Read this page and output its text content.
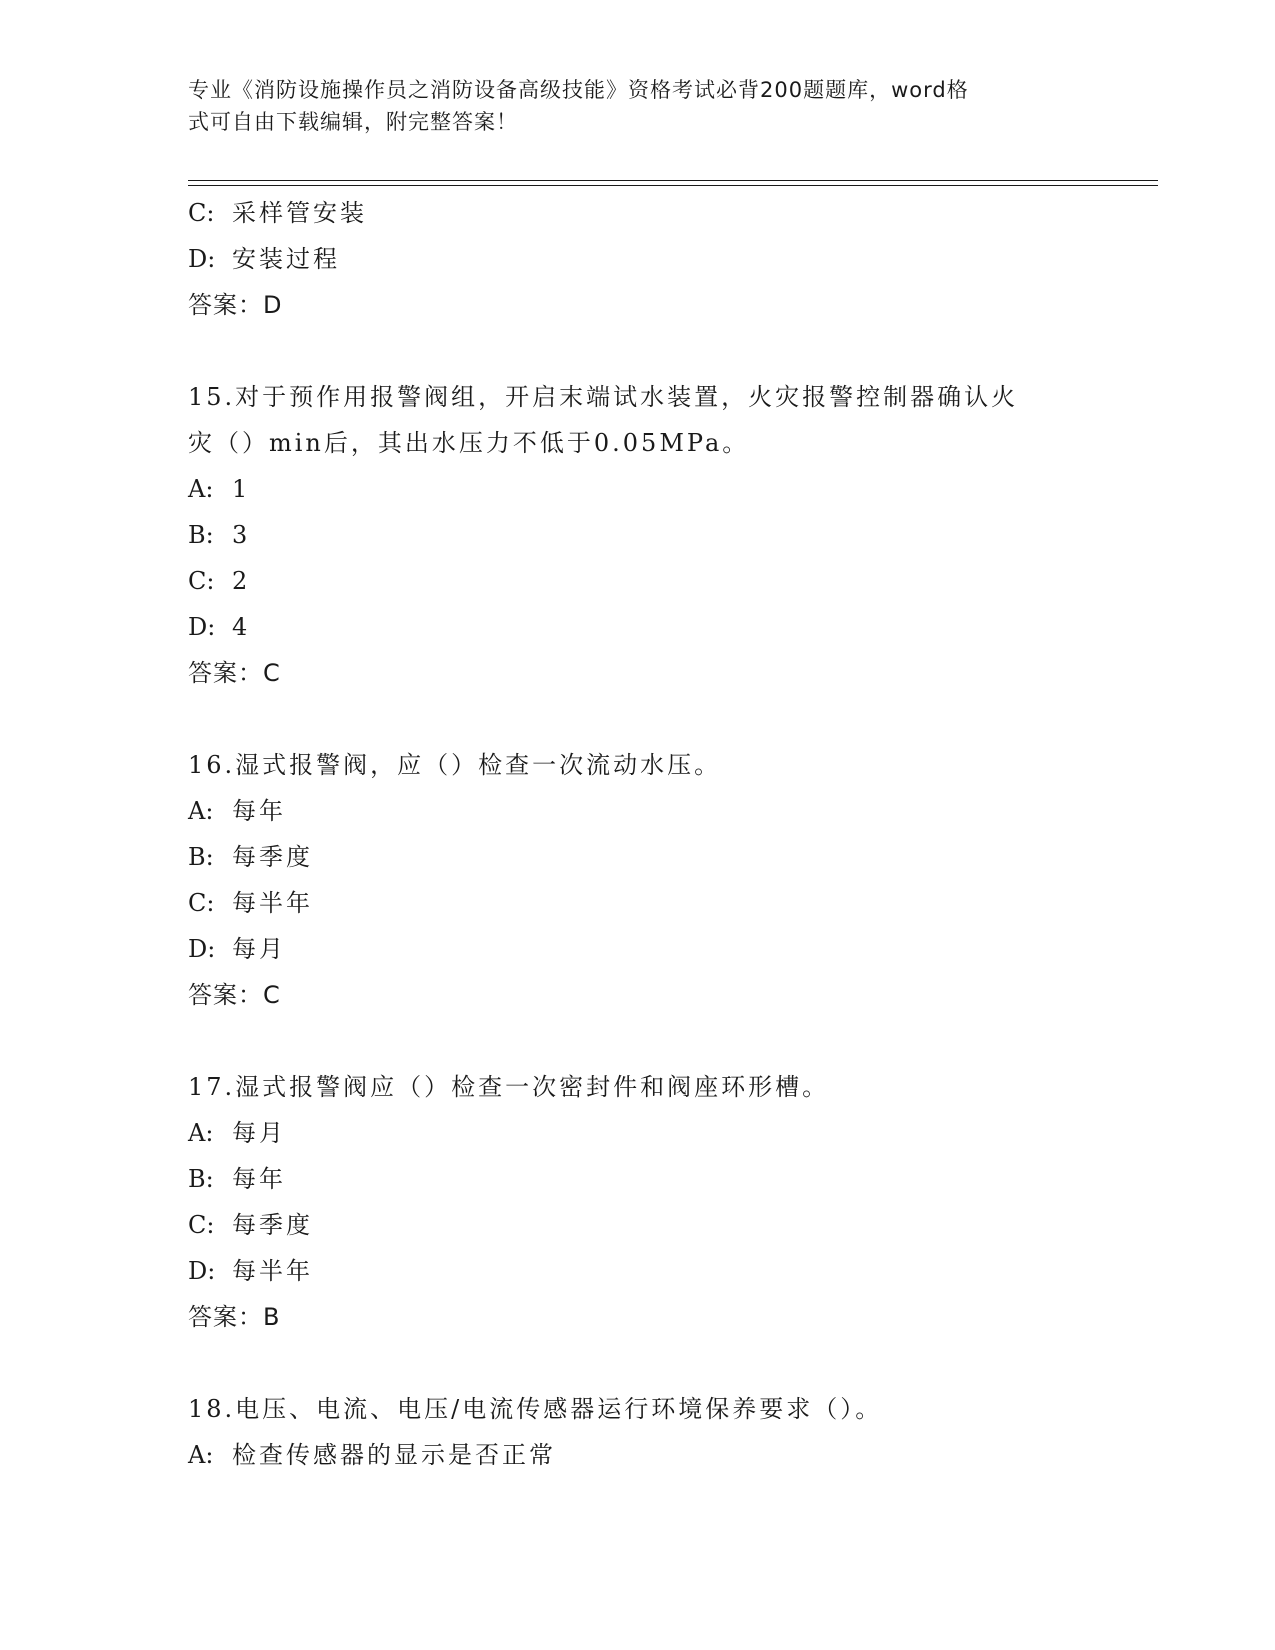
专业《消防设施操作员之消防设备高级技能》资格考试必背200题题库，word格
式可自由下载编辑，附完整答案！
C: 采样管安装
D: 安装过程
答案：D
15.对于预作用报警阀组，开启末端试水装置，火灾报警控制器确认火
灾（）min后，其出水压力不低于0.05MPa。
A: 1
B: 3
C: 2
D: 4
答案：C
16.湿式报警阀，应（）检查一次流动水压。
A: 每年
B: 每季度
C: 每半年
D: 每月
答案：C
17.湿式报警阀应（）检查一次密封件和阀座环形槽。
A: 每月
B: 每年
C: 每季度
D: 每半年
答案：B
18.电压、电流、电压/电流传感器运行环境保养要求（）。
A: 检查传感器的显示是否正常
